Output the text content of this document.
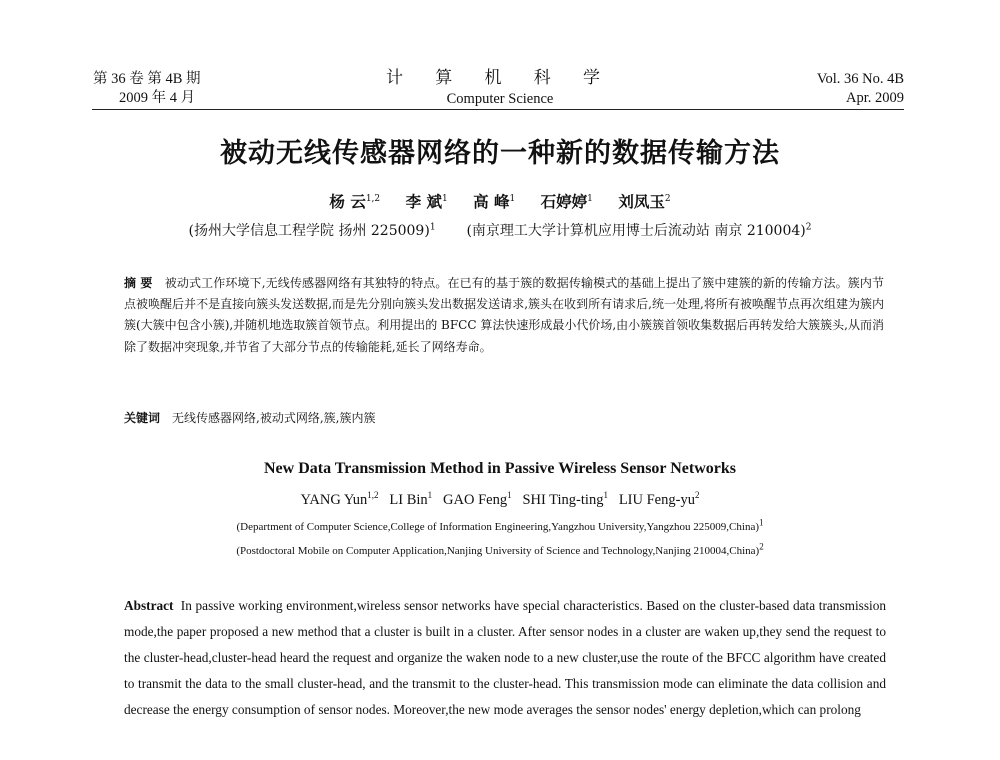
第 36 卷 第 4B 期
2009 年 4 月
计 算 机 科 学
Computer Science
Vol. 36 No. 4B
Apr. 2009
被动无线传感器网络的一种新的数据传输方法
杨 云$^{1,2}$ 李 斌$^1$ 高 峰$^1$ 石婷婷$^1$ 刘凤玉$^2$
(扬州大学信息工程学院 扬州 225009)$^1$ (南京理工大学计算机应用博士后流动站 南京 210004)$^2$
摘 要 被动式工作环境下,无线传感器网络有其独特的特点。在已有的基于簇的数据传输模式的基础上提出了簇中建簇的新的传输方法。簇内节点被唤醒后并不是直接向簇头发送数据,而是先分别向簇头发出数据发送请求,簇头在收到所有请求后,统一处理,将所有被唤醒节点再次组建为簇内簇(大簇中包含小簇),并随机地选取簇首领节点。利用提出的 BFCC 算法快速形成最小代价场,由小簇簇首领收集数据后再转发给大簇簇头,从而消除了数据冲突现象,并节省了大部分节点的传输能耗,延长了网络寿命。
关键词 无线传感器网络,被动式网络,簇,簇内簇
New Data Transmission Method in Passive Wireless Sensor Networks
YANG Yun$^{1,2}$ LI Bin$^1$ GAO Feng$^1$ SHI Ting-ting$^1$ LIU Feng-$yu^2$
(Department of Computer Science,College of Information Engineering,Yangzhou University,Yangzhou 225009,China)$^1$
(Postdoctoral Mobile on Computer Application,Nanjing University of Science and Technology,Nanjing 210004,China)$^2$
Abstract In passive working environment,wireless sensor networks have special characteristics. Based on the cluster-based data transmission mode,the paper proposed a new method that a cluster is built in a cluster. After sensor nodes in a cluster are waken up,they send the request to the cluster-head,cluster-head heard the request and organize the waken node to a new cluster,use the route of the BFCC algorithm have created to transmit the data to the small cluster-head, and the transmit to the cluster-head. This transmission mode can eliminate the data collision and decrease the energy consumption of sensor nodes. Moreover,the new mode averages the sensor nodes' energy depletion,which can prolong
